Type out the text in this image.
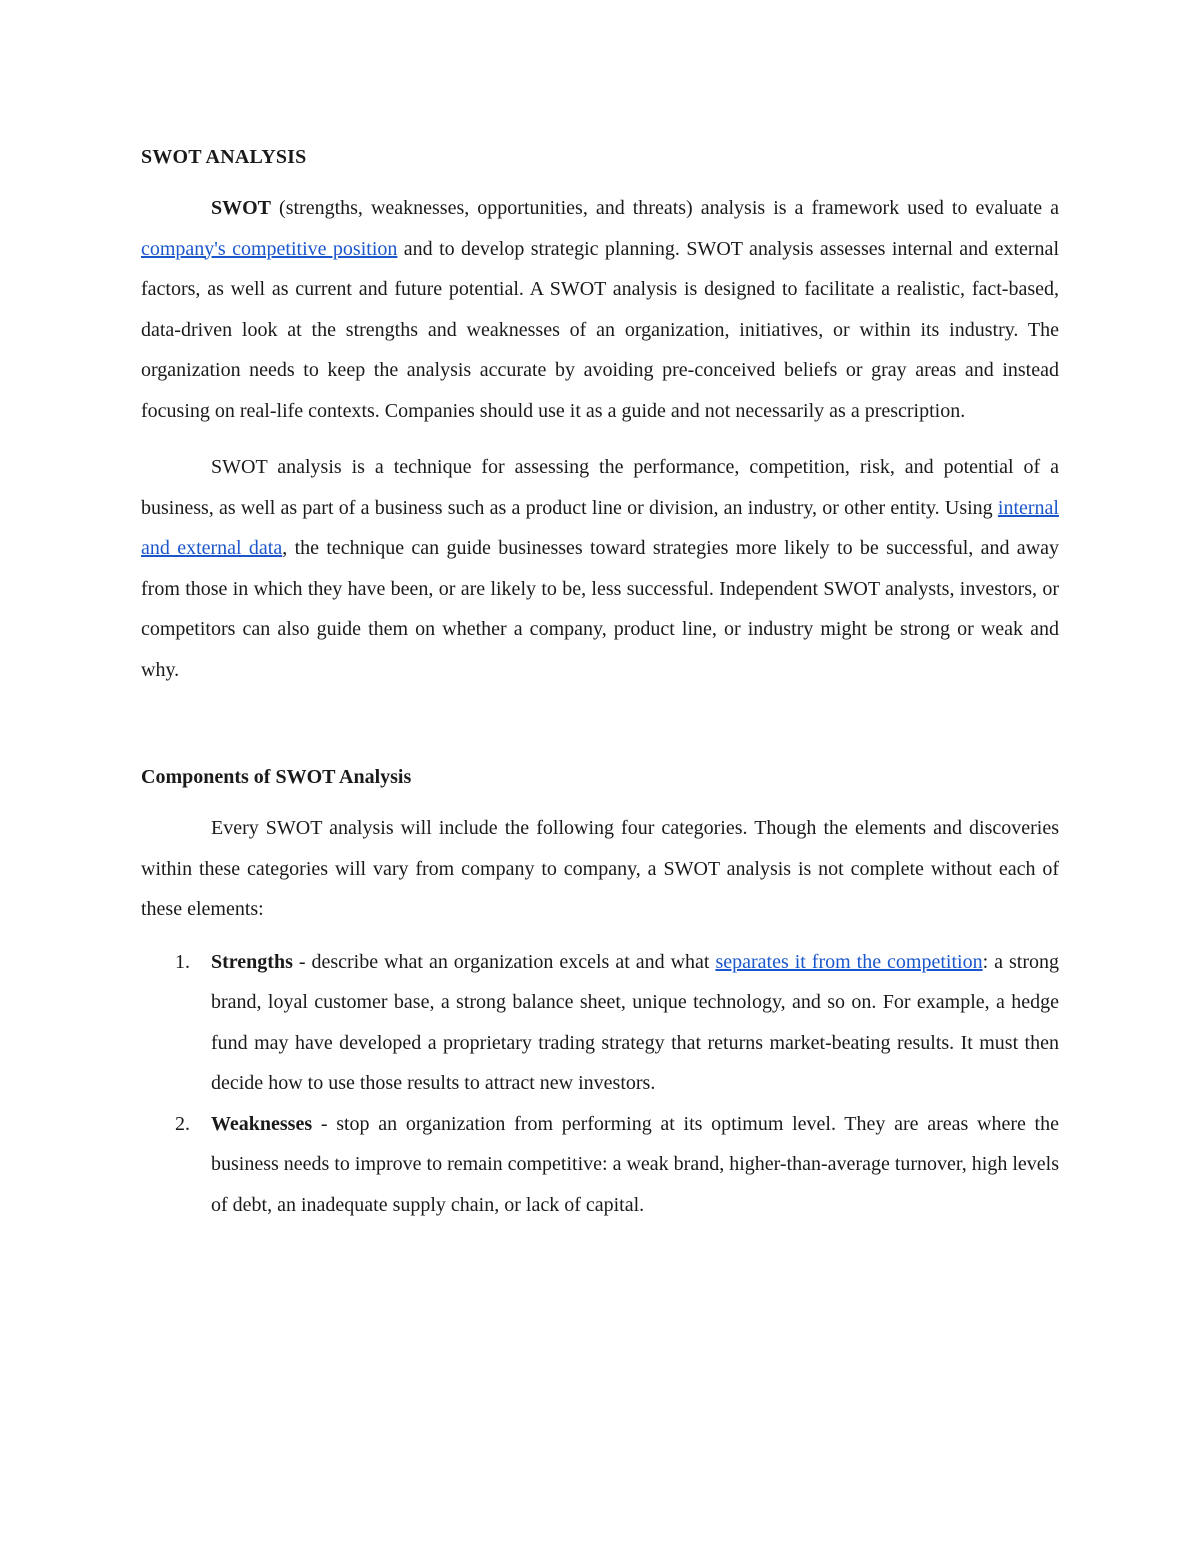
SWOT ANALYSIS

SWOT (strengths, weaknesses, opportunities, and threats) analysis is a framework used to evaluate a company's competitive position and to develop strategic planning. SWOT analysis assesses internal and external factors, as well as current and future potential. A SWOT analysis is designed to facilitate a realistic, fact-based, data-driven look at the strengths and weaknesses of an organization, initiatives, or within its industry. The organization needs to keep the analysis accurate by avoiding pre-conceived beliefs or gray areas and instead focusing on real-life contexts. Companies should use it as a guide and not necessarily as a prescription.

SWOT analysis is a technique for assessing the performance, competition, risk, and potential of a business, as well as part of a business such as a product line or division, an industry, or other entity. Using internal and external data, the technique can guide businesses toward strategies more likely to be successful, and away from those in which they have been, or are likely to be, less successful. Independent SWOT analysts, investors, or competitors can also guide them on whether a company, product line, or industry might be strong or weak and why.

Components of SWOT Analysis

Every SWOT analysis will include the following four categories. Though the elements and discoveries within these categories will vary from company to company, a SWOT analysis is not complete without each of these elements:

1. Strengths - describe what an organization excels at and what separates it from the competition: a strong brand, loyal customer base, a strong balance sheet, unique technology, and so on. For example, a hedge fund may have developed a proprietary trading strategy that returns market-beating results. It must then decide how to use those results to attract new investors.
2. Weaknesses - stop an organization from performing at its optimum level. They are areas where the business needs to improve to remain competitive: a weak brand, higher-than-average turnover, high levels of debt, an inadequate supply chain, or lack of capital.
